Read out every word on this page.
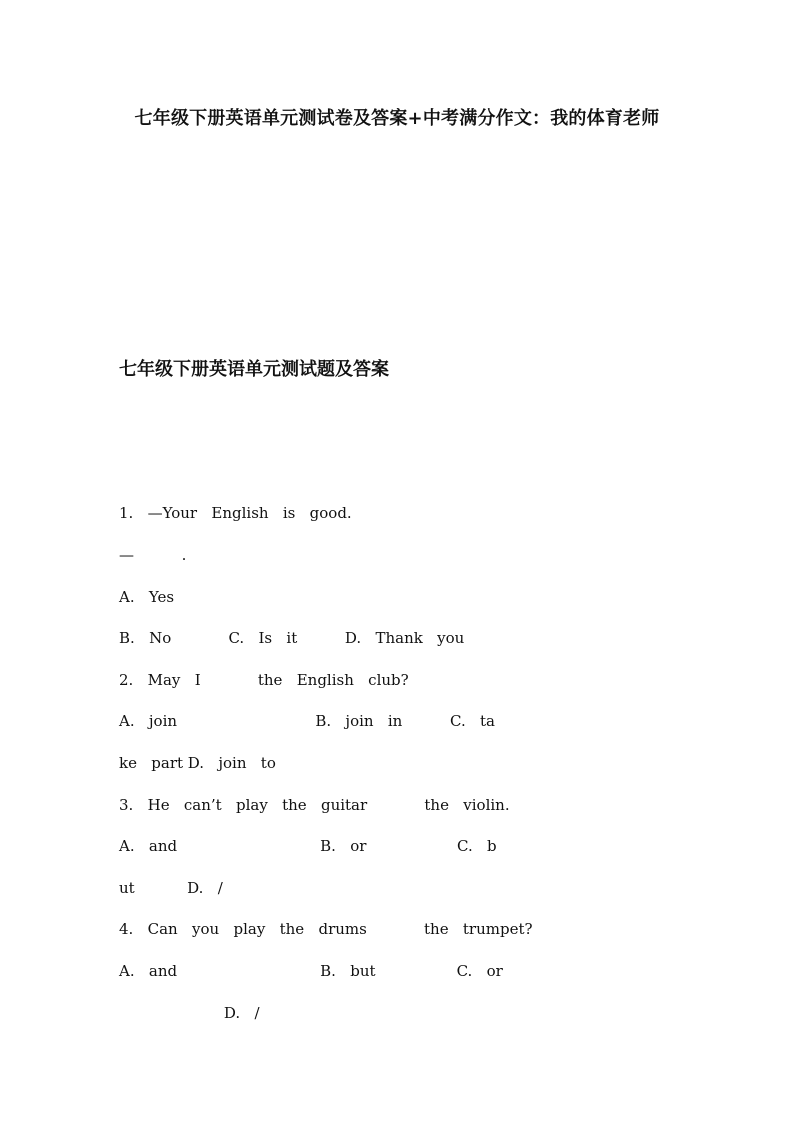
七年级下册英语单元测试卷及答案+中考满分作文：我的体育老师
七年级下册英语单元测试题及答案
1.   —Your   English   is   good.
—          .
A.   Yes
B.   No            C.   Is   it          D.   Thank   you
2.   May   I            the   English   club?
A.   join                             B.   join   in          C.   ta
ke   part D.   join   to
3.   He   can’t   play   the   guitar            the   violin.
A.   and                              B.   or                   C.   b
ut           D.   /
4.   Can   you   play   the   drums            the   trumpet?
A.   and                              B.   but                 C.   or
D.   /
